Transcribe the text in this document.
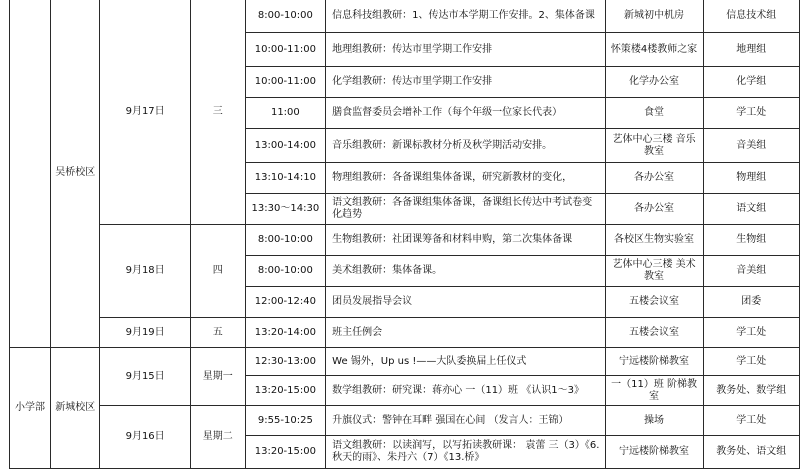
	吴桥校区	9月17日	三	8:00-10:00	信息科技组教研：1、传达市本学期工作安排。2、集体备课	新城初中机房	信息技术组
				10:00-11:00	地理组教研：传达市里学期工作安排	怀策楼4楼教师之家	地理组
				10:00-11:00	化学组教研：传达市里学期工作安排	化学办公室	化学组
				11:00	膳食监督委员会增补工作（每个年级一位家长代表）	食堂	学工处
				13:00-14:00	音乐组教研：新课标教材分析及秋学期活动安排。	艺体中心三楼 音乐教室	音美组
				13:10-14:10	物理组教研：各备课组集体备课，研究新教材的变化，	各办公室	物理组
				13:30～14:30	语文组教研：各备课组集体备课，备课组长传达中考试卷变化趋势	各办公室	语文组
		9月18日	四	8:00-10:00	生物组教研：社团课筹备和材料申购，第二次集体备课	各校区生物实验室	生物组
				8:00-10:00	美术组教研：集体备课。	艺体中心三楼 美术教室	音美组
				12:00-12:40	团员发展指导会议	五楼会议室	团委
		9月19日	五	13:20-14:00	班主任例会	五楼会议室	学工处
小学部	新城校区	9月15日	星期一	12:30-13:00	We 锡外，Up us !——大队委换届上任仪式	宁远楼阶梯教室	学工处
				13:20-15:00	数学组教研：研究课：蒋亦心 一（11）班 《认识1～3》	一（11）班 阶梯教室	教务处、数学组
		9月16日	星期二	9:55-10:25	升旗仪式：警钟在耳畔 强国在心间 （发言人：王锦）	操场	学工处
				13:20-15:00	语文组教研：以读润写，以写拓读教研课： 袁蕾 三（3）《6.秋天的雨》、朱丹六（7）《13.桥》	宁远楼阶梯教室	教务处、语文组
